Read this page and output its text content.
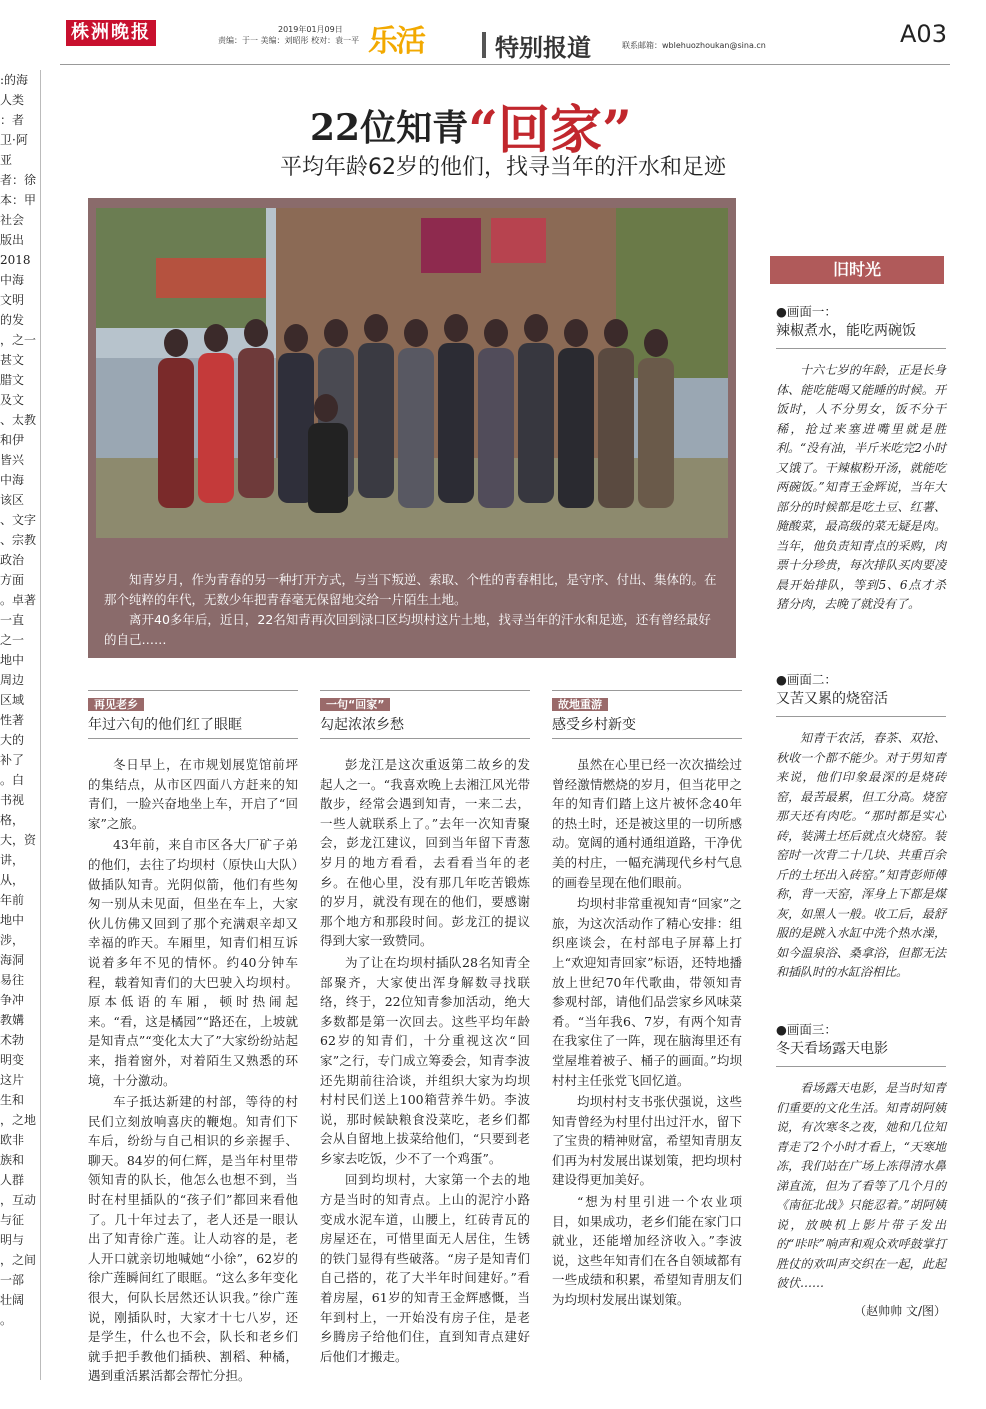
株洲晚报	2019年01月09日
责编：于一 美编：刘昭彤 校对：袁一平 乐活	特别报道	联系邮箱：wblehuozhoukan@sina.cn	A03

的海:

人类

者：

卫·阿

亚

者：徐

本：甲

社会

版出

2018

中海

文明

的发

之一，

甚文

腊文

及文

太教、

和伊

皆兴

中海

该区

文字、

宗教、

政治

方面

卓著。

一直

之一

地中

周边

区域

性著

大的

补了

白。

书视

，格

大，资

，讲

，从

年前

地中

，涉

海洞

易往

争冲

教媾

术勃

明变

这片

生和

之地，

欧非

族和

人群

互动，

与征

明与

之间，

一部

壮阔

。

22位知青“回家”
平均年龄62岁的他们，找寻当年的汗水和足迹

知青岁月，作为青春的另一种打开方式，与当下叛逆、索取、个性的青春相比，是守序、付出、集体的。在那个纯粹的年代，无数少年把青春毫无保留地交给一片陌生土地。

离开40多年后，近日，22名知青再次回到渌口区均坝村这片土地，找寻当年的汗水和足迹，还有曾经最好的自己……

再见老乡
年过六旬的他们红了眼眶

冬日早上，在市规划展览馆前坪的集结点，从市区四面八方赶来的知青们，一脸兴奋地坐上车，开启了“回家”之旅。

43年前，来自市区各大厂矿子弟的他们，去往了均坝村（原快山大队）做插队知青。光阴似箭，他们有些匆匆一别从未见面，但坐在车上，大家伙儿仿佛又回到了那个充满艰辛却又幸福的昨天。车厢里，知青们相互诉说着多年不见的情怀。约40分钟车程，载着知青们的大巴驶入均坝村。原本低语的车厢，顿时热闹起来。“看，这是橘园”“路还在，上坡就是知青点”“变化太大了”大家纷纷站起来，指着窗外，对着陌生又熟悉的环境，十分激动。

车子抵达新建的村部，等待的村民们立刻放响喜庆的鞭炮。知青们下车后，纷纷与自己相识的乡亲握手、聊天。84岁的何仁辉，是当年村里带领知青的队长，他怎么也想不到，当时在村里插队的“孩子们”都回来看他了。几十年过去了，老人还是一眼认出了知青徐广莲。让人动容的是，老人开口就亲切地喊她“小徐”，62岁的徐广莲瞬间红了眼眶。“这么多年变化很大，何队长居然还认识我。”徐广莲说，刚插队时，大家才十七八岁，还是学生，什么也不会，队长和老乡们就手把手教他们插秧、割稻、种橘，遇到重活累活都会帮忙分担。

一句“回家”
勾起浓浓乡愁

彭龙江是这次重返第二故乡的发起人之一。“我喜欢晚上去湘江风光带散步，经常会遇到知青，一来二去，一些人就联系上了。”去年一次知青聚会，彭龙江建议，回到当年留下青葱岁月的地方看看，去看看当年的老乡。在他心里，没有那几年吃苦锻炼的岁月，就没有现在的他们，要感谢那个地方和那段时间。彭龙江的提议得到大家一致赞同。

为了让在均坝村插队28名知青全部聚齐，大家使出浑身解数寻找联络，终于，22位知青参加活动，绝大多数都是第一次回去。这些平均年龄62岁的知青们，十分重视这次“回家”之行，专门成立筹委会，知青李波还先期前往洽谈，并组织大家为均坝村村民们送上100箱营养牛奶。李波说，那时候缺粮食没菜吃，老乡们都会从自留地上拔菜给他们，“只要到老乡家去吃饭，少不了一个鸡蛋”。

回到均坝村，大家第一个去的地方是当时的知青点。上山的泥泞小路变成水泥车道，山腰上，红砖青瓦的房屋还在，可惜里面无人居住，生锈的铁门显得有些破落。“房子是知青们自己搭的，花了大半年时间建好。”看着房屋，61岁的知青王金辉感慨，当年到村上，一开始没有房子住，是老乡腾房子给他们住，直到知青点建好后他们才搬走。

故地重游
感受乡村新变

虽然在心里已经一次次描绘过曾经激情燃烧的岁月，但当花甲之年的知青们踏上这片被怀念40年的热土时，还是被这里的一切所感动。宽阔的通村通组道路，干净优美的村庄，一幅充满现代乡村气息的画卷呈现在他们眼前。

均坝村非常重视知青“回家”之旅，为这次活动作了精心安排：组织座谈会，在村部电子屏幕上打上“欢迎知青回家”标语，还特地播放上世纪70年代歌曲，带领知青参观村部，请他们品尝家乡风味菜肴。“当年我6、7岁，有两个知青在我家住了一阵，现在脑海里还有堂屋堆着被子、桶子的画面。”均坝村村主任张党飞回忆道。

均坝村村支书张伏强说，这些知青曾经为村里付出过汗水，留下了宝贵的精神财富，希望知青朋友们再为村发展出谋划策，把均坝村建设得更加美好。

“想为村里引进一个农业项目，如果成功，老乡们能在家门口就业，还能增加经济收入。”李波说，这些年知青们在各自领域都有一些成绩和积累，希望知青朋友们为均坝村发展出谋划策。

旧时光
●画面一：
辣椒煮水，能吃两碗饭

十六七岁的年龄，正是长身体、能吃能喝又能睡的时候。开饭时，人不分男女，饭不分干稀，抢过来塞进嘴里就是胜利。“没有油，半斤米吃完2小时又饿了。干辣椒粉开汤，就能吃两碗饭。”知青王金辉说，当年大部分的时候都是吃土豆、红薯、腌酸菜，最高级的菜无疑是肉。当年，他负责知青点的采购，肉票十分珍贵，每次排队买肉要凌晨开始排队，等到5、6点才杀猪分肉，去晚了就没有了。

●画面二：
又苦又累的烧窑活

知青干农活，春茶、双抢、秋收一个都不能少。对于男知青来说，他们印象最深的是烧砖窑，最苦最累，但工分高。烧窑那天还有肉吃。“那时都是实心砖，装满土坯后就点火烧窑。装窑时一次背二十几块、共重百余斤的土坯出入砖窑。”知青彭师傅称，背一天窑，浑身上下都是煤灰，如黑人一般。收工后，最舒服的是跳入水缸中洗个热水澡，如今温泉浴、桑拿浴，但都无法和插队时的水缸浴相比。

●画面三：
冬天看场露天电影

看场露天电影，是当时知青们重要的文化生活。知青胡阿姨说，有次寒冬之夜，她和几位知青走了2个小时才看上，“天寒地冻，我们站在广场上冻得清水鼻涕直流，但为了看等了几个月的《南征北战》只能忍着。”胡阿姨说，放映机上影片带子发出的“咔咔”响声和观众欢呼鼓掌打胜仗的欢叫声交织在一起，此起彼伏……

（赵帅帅 文/图）
